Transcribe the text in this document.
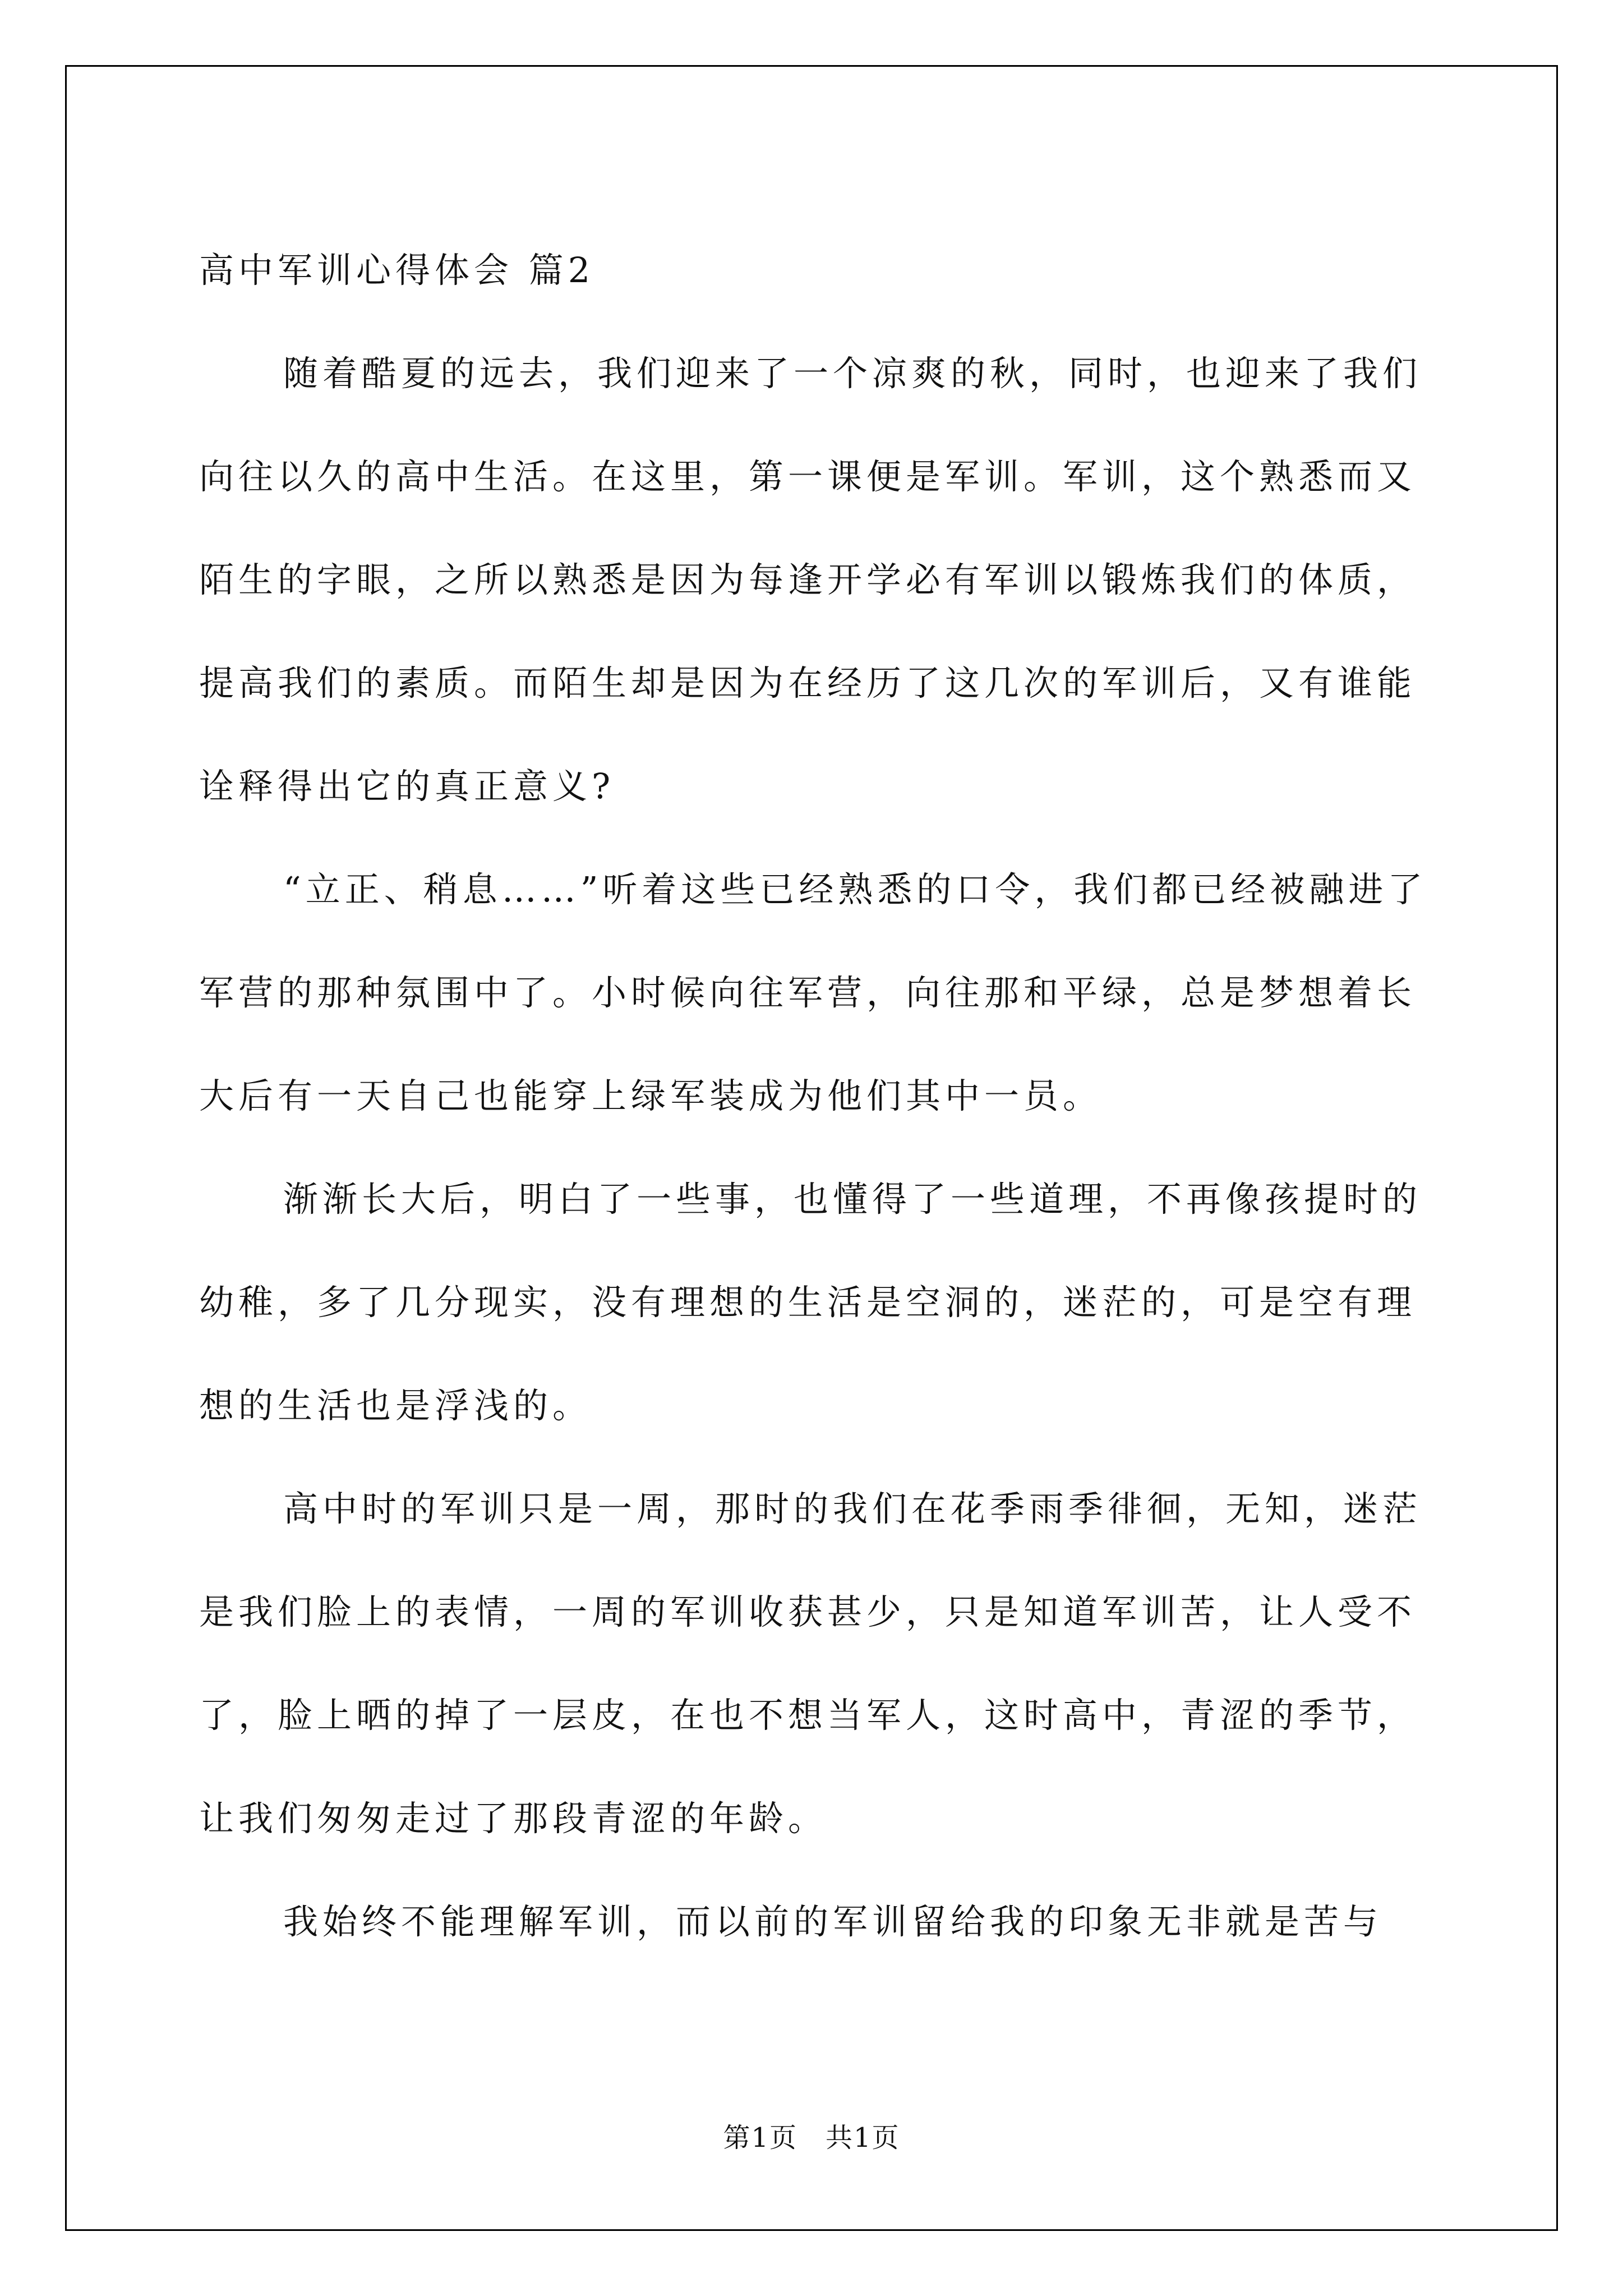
高中军训心得体会 篇2

随着酷夏的远去，我们迎来了一个凉爽的秋，同时，也迎来了我们向往以久的高中生活。在这里，第一课便是军训。军训，这个熟悉而又陌生的字眼，之所以熟悉是因为每逢开学必有军训以锻炼我们的体质，提高我们的素质。而陌生却是因为在经历了这几次的军训后，又有谁能诠释得出它的真正意义?

“立正、稍息……”听着这些已经熟悉的口令，我们都已经被融进了军营的那种氛围中了。小时候向往军营，向往那和平绿，总是梦想着长大后有一天自己也能穿上绿军装成为他们其中一员。

渐渐长大后，明白了一些事，也懂得了一些道理，不再像孩提时的幼稚，多了几分现实，没有理想的生活是空洞的，迷茫的，可是空有理想的生活也是浮浅的。

高中时的军训只是一周，那时的我们在花季雨季徘徊，无知，迷茫是我们脸上的表情，一周的军训收获甚少，只是知道军训苦，让人受不了，脸上晒的掉了一层皮，在也不想当军人，这时高中，青涩的季节，让我们匆匆走过了那段青涩的年龄。

我始终不能理解军训，而以前的军训留给我的印象无非就是苦与

第1页　共1页
